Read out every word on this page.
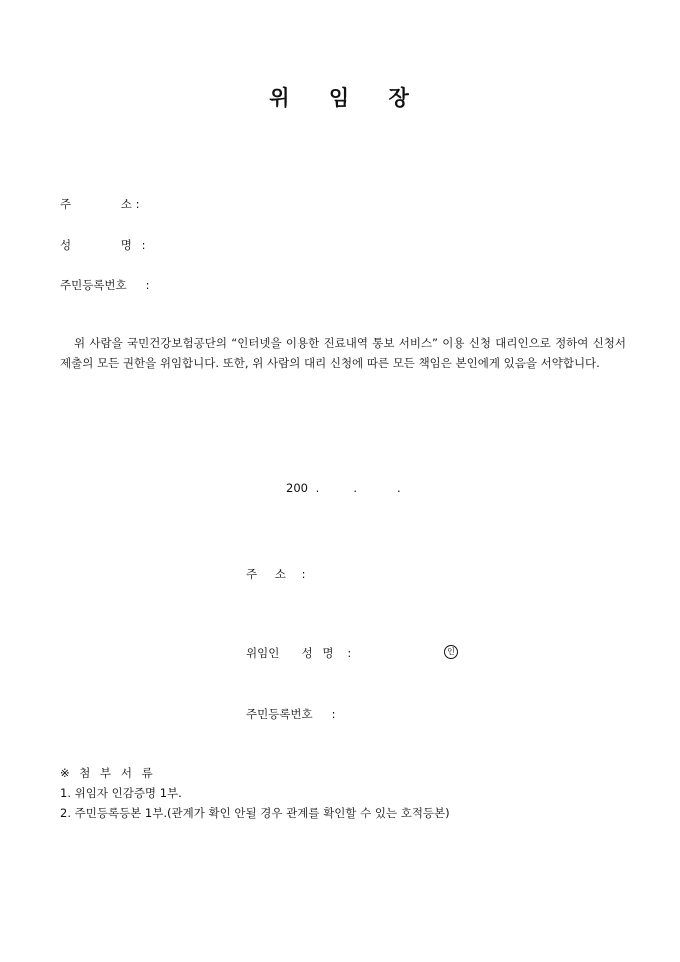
위 임 장
주 소 :
성 명 :
주민등록번호 :
위 사람을 국민건강보험공단의 “인터넷을 이용한 진료내역 통보 서비스” 이용 신청 대리인으로 정하여 신청서 제출의 모든 권한을 위임합니다. 또한, 위 사람의 대리 신청에 따른 모든 책임은 본인에게 있음을 서약합니다.
200 .	.	.
주 소 :
위임인 성 명 :	인
주민등록번호 :
※ 첨 부 서 류
1. 위임자 인감증명 1부.
2. 주민등록등본 1부.(관계가 확인 안될 경우 관계를 확인할 수 있는 호적등본)
